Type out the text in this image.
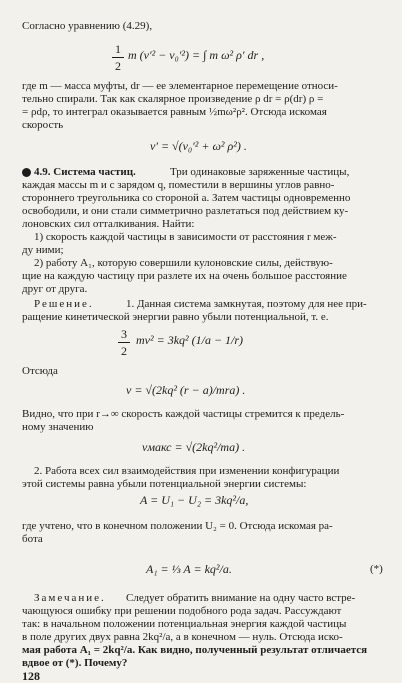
Согласно уравнению (4.29),
1
2
m (v′² − v₀′²) = ∫ m ω² ρ′ dr ,
где m — масса муфты, dr — ее элементарное перемещение относи-
тельно спирали. Так как скалярное произведение ρ dr = ρ(dr) ρ =
= ρdρ, то интеграл оказывается равным ½mω²ρ². Отсюда искомая
скорость
v′ = √(v₀′² + ω² ρ²) .
4.9. Система частиц.	Три одинаковые заряженные частицы,
каждая массы m и с зарядом q, поместили в вершины углов равно-
стороннего треугольника со стороной a. Затем частицы одновременно
освободили, и они стали симметрично разлетаться под действием ку-
лоновских сил отталкивания. Найти:
1) скорость каждой частицы в зависимости от расстояния r меж-
ду ними;
2) работу A₁, которую совершили кулоновские силы, действую-
щие на каждую частицу при разлете их на очень большое расстояние
друг от друга.
Решение.	1. Данная система замкнутая, поэтому для нее при-
ращение кинетической энергии равно убыли потенциальной, т. е.
3
2
mv² = 3kq² (1/a − 1/r)
Отсюда
v = √(2kq² (r − a)/mra) .
Видно, что при r→∞ скорость каждой частицы стремится к предель-
ному значению
vмакс = √(2kq²/ma) .
2. Работа всех сил взаимодействия при изменении конфигурации
этой системы равна убыли потенциальной энергии системы:
A = U₁ − U₂ = 3kq²/a,
где учтено, что в конечном положении U₂ = 0. Отсюда искомая ра-
бота
A₁ = ⅓ A = kq²/a.	(*)
Замечание. Следует обратить внимание на одну часто встре-
чающуюся ошибку при решении подобного рода задач. Рассуждают
так: в начальном положении потенциальная энергия каждой частицы
в поле других двух равна 2kq²/a, а в конечном — нуль. Отсюда иско-
мая работа A₁ = 2kq²/a. Как видно, полученный результат отличается
вдвое от (*). Почему?
128
